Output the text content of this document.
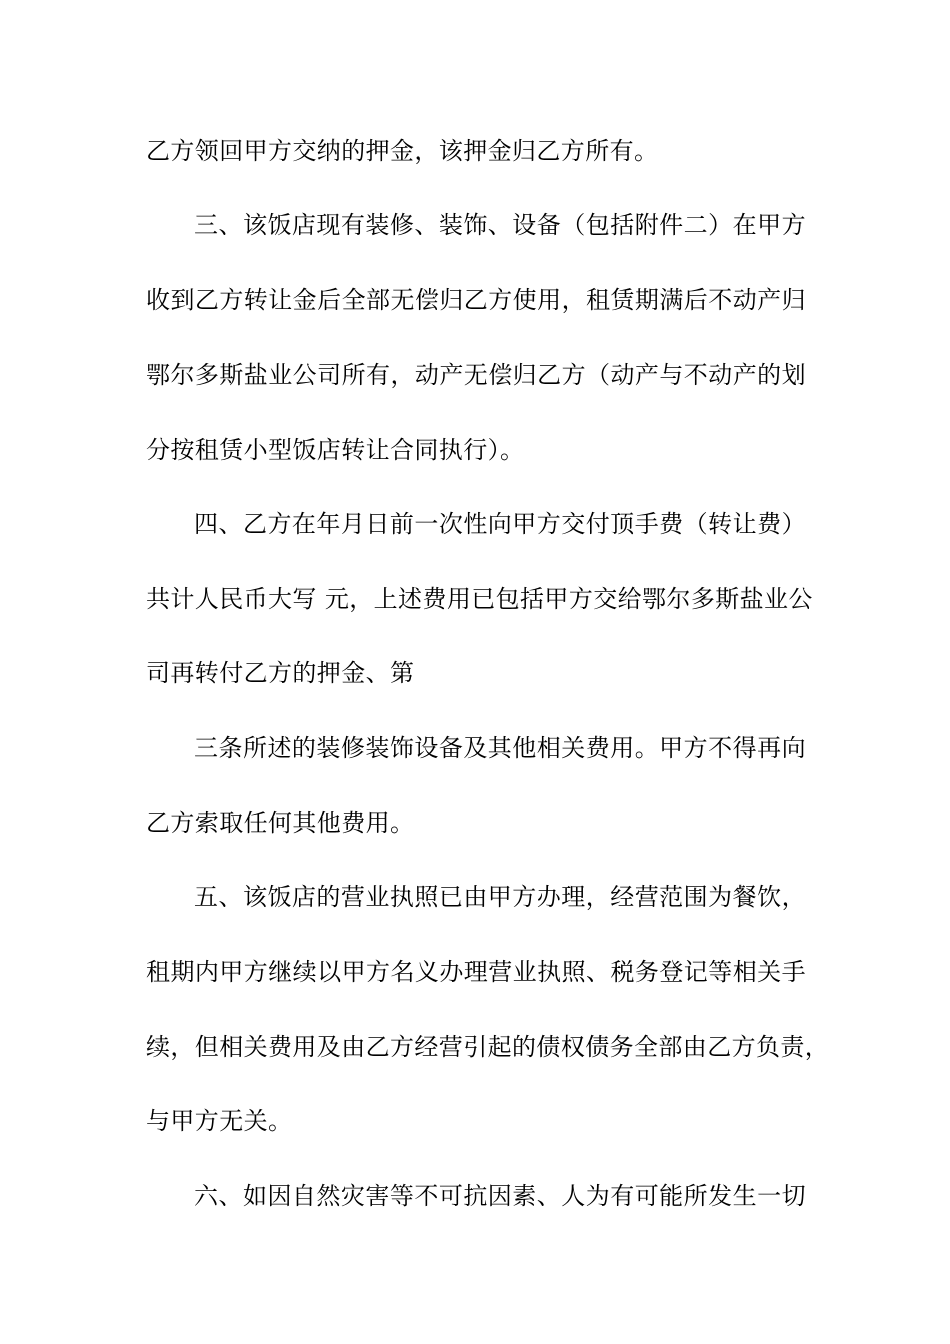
乙方领回甲方交纳的押金，该押金归乙方所有。
三、该饭店现有装修、装饰、设备（包括附件二）在甲方
收到乙方转让金后全部无偿归乙方使用，租赁期满后不动产归
鄂尔多斯盐业公司所有，动产无偿归乙方（动产与不动产的划
分按租赁小型饭店转让合同执行）。
四、乙方在年月日前一次性向甲方交付顶手费（转让费）
共计人民币大写 元，上述费用已包括甲方交给鄂尔多斯盐业公
司再转付乙方的押金、第
三条所述的装修装饰设备及其他相关费用。甲方不得再向
乙方索取任何其他费用。
五、该饭店的营业执照已由甲方办理，经营范围为餐饮，
租期内甲方继续以甲方名义办理营业执照、税务登记等相关手
续，但相关费用及由乙方经营引起的债权债务全部由乙方负责，
与甲方无关。
六、如因自然灾害等不可抗因素、人为有可能所发生一切
